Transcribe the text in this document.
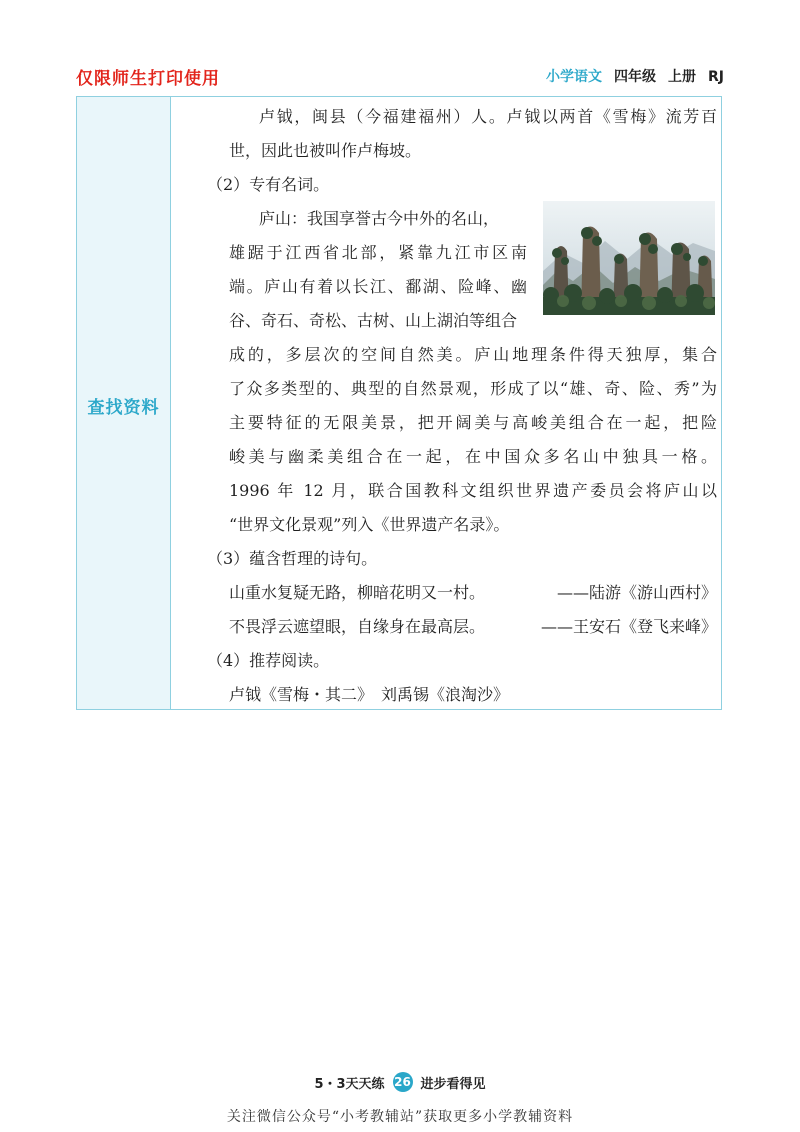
仅限师生打印使用	小学语文 四年级 上册 RJ
查找资料
卢钺，闽县（今福建福州）人。卢钺以两首《雪梅》流芳百
世，因此也被叫作卢梅坡。
（2）专有名词。
庐山：我国享誉古今中外的名山，
雄踞于江西省北部，紧靠九江市区南
端。庐山有着以长江、鄱湖、险峰、幽
谷、奇石、奇松、古树、山上湖泊等组合
成的，多层次的空间自然美。庐山地理条件得天独厚，集合
了众多类型的、典型的自然景观，形成了以“雄、奇、险、秀”为
主要特征的无限美景，把开阔美与高峻美组合在一起，把险
峻美与幽柔美组合在一起，在中国众多名山中独具一格。
1996 年 12 月，联合国教科文组织世界遗产委员会将庐山以
“世界文化景观”列入《世界遗产名录》。
（3）蕴含哲理的诗句。
山重水复疑无路，柳暗花明又一村。	——陆游《游山西村》
不畏浮云遮望眼，自缘身在最高层。	——王安石《登飞来峰》
（4）推荐阅读。
卢钺《雪梅・其二》　刘禹锡《浪淘沙》
5・3天天练 26 进步看得见
关注微信公众号“小考教辅站”获取更多小学教辅资料
